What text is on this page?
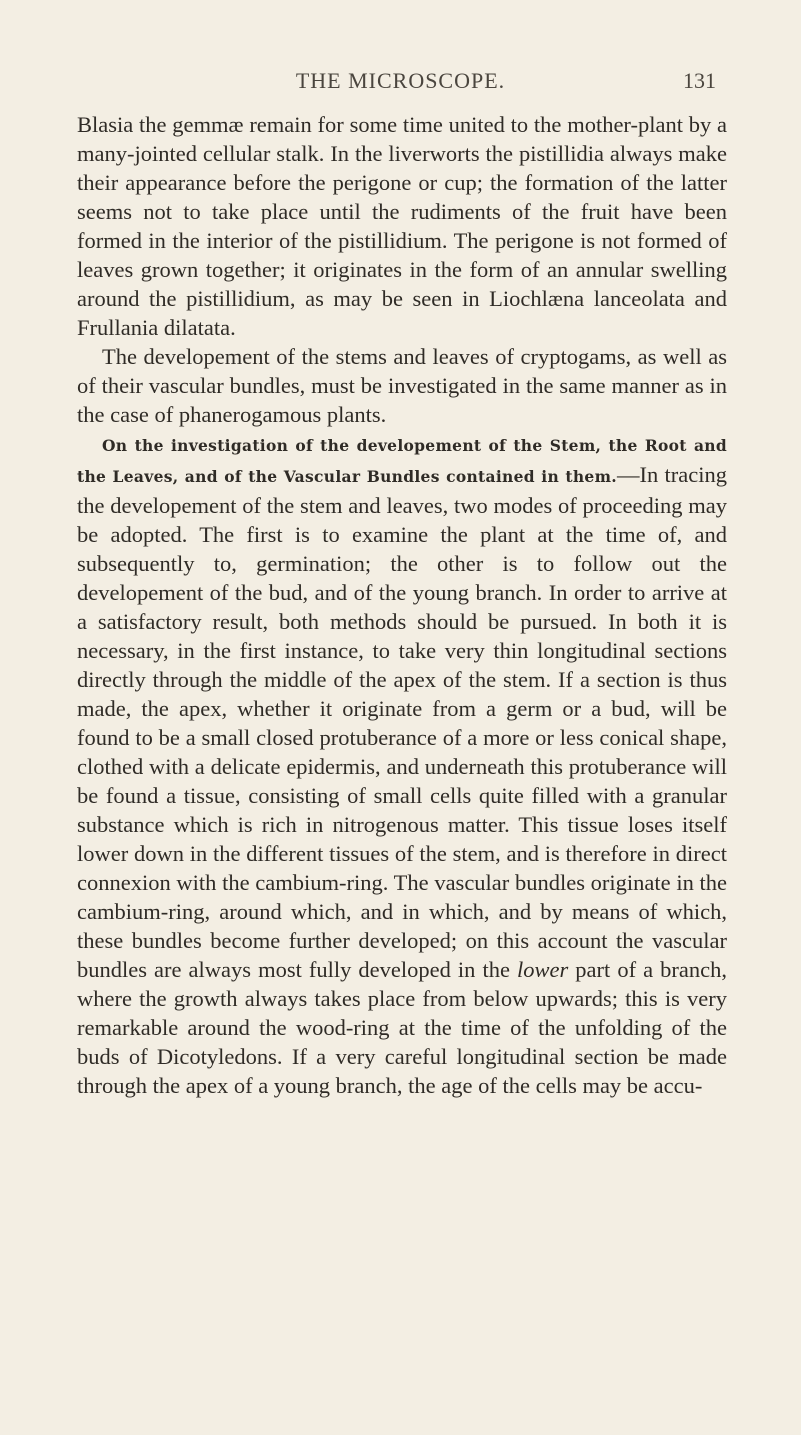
THE MICROSCOPE.	131

Blasia the gemmæ remain for some time united to the mother-plant by a many-jointed cellular stalk. In the liverworts the pistillidia always make their appearance before the perigone or cup; the formation of the latter seems not to take place until the rudiments of the fruit have been formed in the interior of the pistillidium. The perigone is not formed of leaves grown together; it originates in the form of an annular swelling around the pistillidium, as may be seen in Liochlæna lanceolata and Frullania dilatata.

The developement of the stems and leaves of cryptogams, as well as of their vascular bundles, must be investigated in the same manner as in the case of phanerogamous plants.

On the investigation of the developement of the Stem, the Root and the Leaves, and of the Vascular Bundles contained in them.—In tracing the developement of the stem and leaves, two modes of proceeding may be adopted. The first is to examine the plant at the time of, and subsequently to, germination; the other is to follow out the developement of the bud, and of the young branch. In order to arrive at a satisfactory result, both methods should be pursued. In both it is necessary, in the first instance, to take very thin longitudinal sections directly through the middle of the apex of the stem. If a section is thus made, the apex, whether it originate from a germ or a bud, will be found to be a small closed protuberance of a more or less conical shape, clothed with a delicate epidermis, and underneath this protuberance will be found a tissue, consisting of small cells quite filled with a granular substance which is rich in nitrogenous matter. This tissue loses itself lower down in the different tissues of the stem, and is therefore in direct connexion with the cambium-ring. The vascular bundles originate in the cambium-ring, around which, and in which, and by means of which, these bundles become further developed; on this account the vascular bundles are always most fully developed in the lower part of a branch, where the growth always takes place from below upwards; this is very remarkable around the wood-ring at the time of the unfolding of the buds of Dicotyledons. If a very careful longitudinal section be made through the apex of a young branch, the age of the cells may be accu-
